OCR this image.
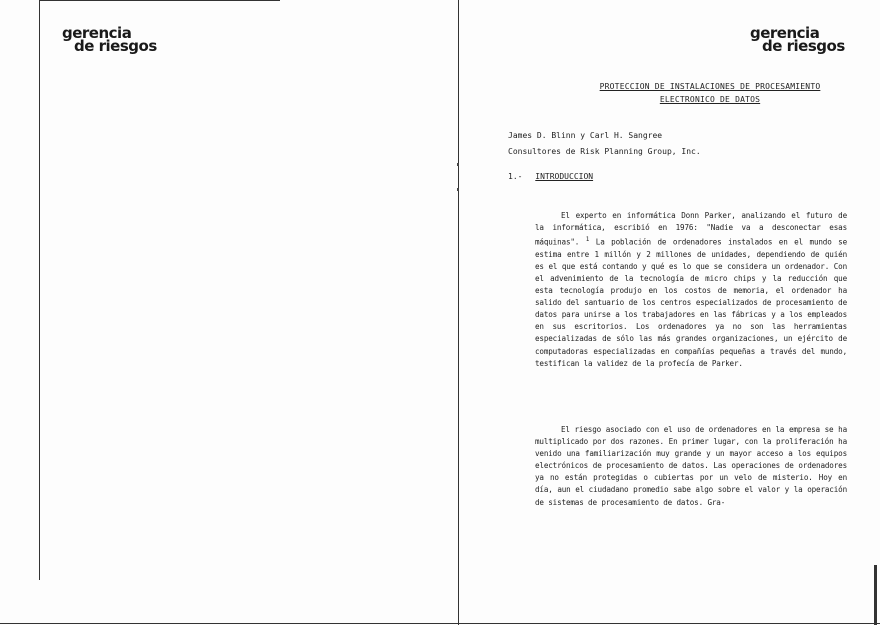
gerencia
de riesgos
gerencia
de riesgos
PROTECCION DE INSTALACIONES DE PROCESAMIENTO
ELECTRONICO DE DATOS
James D. Blinn y Carl H. Sangree
Consultores de Risk Planning Group, Inc.
1.- INTRODUCCION

El experto en informática Donn Parker, analizando el futuro de la informática, escribió en 1976: "Nadie va a desconectar esas máquinas". $^1$ La población de ordenadores instalados en el mundo se estima entre 1 millón y 2 millones de unidades, dependiendo de quién es el que está contando y qué es lo que se considera un ordenador. Con el advenimiento de la tecnología de micro chips y la reducción que esta tecnología produjo en los costos de memoria, el ordenador ha salido del santuario de los centros especializados de procesamiento de datos para unirse a los trabajadores en las fábricas y a los empleados en sus escritorios. Los ordenadores ya no son las herramientas especializadas de sólo las más grandes organizaciones, un ejército de computadoras especializadas en compañías pequeñas a través del mundo, testifican la validez de la profecía de Parker.

El riesgo asociado con el uso de ordenadores en la empresa se ha multiplicado por dos razones. En primer lugar, con la proliferación ha venido una familiarización muy grande y un mayor acceso a los equipos electrónicos de procesamiento de datos. Las operaciones de ordenadores ya no están protegidas o cubiertas por un velo de misterio. Hoy en día, aun el ciudadano promedio sabe algo sobre el valor y la operación de sistemas de procesamiento de datos. Gra-
